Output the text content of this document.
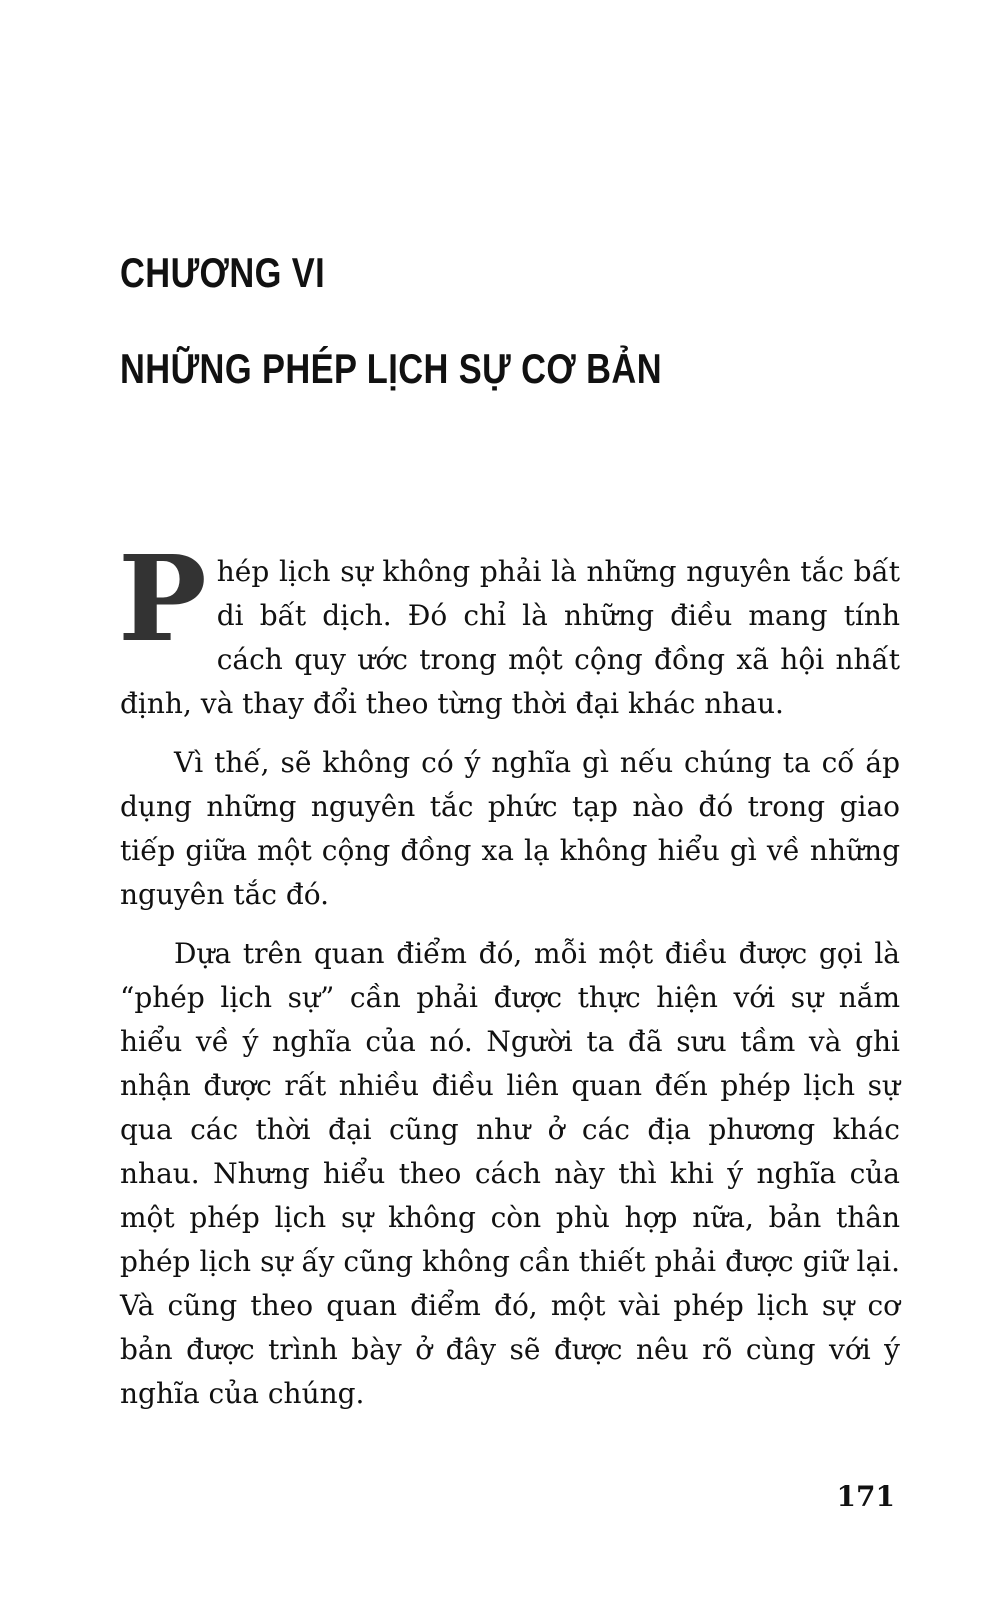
CHƯƠNG VI
NHỮNG PHÉP LỊCH SỰ CƠ BẢN

Phép lịch sự không phải là những nguyên tắc bất di bất dịch. Đó chỉ là những điều mang tính cách quy ước trong một cộng đồng xã hội nhất định, và thay đổi theo từng thời đại khác nhau.

Vì thế, sẽ không có ý nghĩa gì nếu chúng ta cố áp dụng những nguyên tắc phức tạp nào đó trong giao tiếp giữa một cộng đồng xa lạ không hiểu gì về những nguyên tắc đó.

Dựa trên quan điểm đó, mỗi một điều được gọi là “phép lịch sự” cần phải được thực hiện với sự nắm hiểu về ý nghĩa của nó. Người ta đã sưu tầm và ghi nhận được rất nhiều điều liên quan đến phép lịch sự qua các thời đại cũng như ở các địa phương khác nhau. Nhưng hiểu theo cách này thì khi ý nghĩa của một phép lịch sự không còn phù hợp nữa, bản thân phép lịch sự ấy cũng không cần thiết phải được giữ lại. Và cũng theo quan điểm đó, một vài phép lịch sự cơ bản được trình bày ở đây sẽ được nêu rõ cùng với ý nghĩa của chúng.

171
